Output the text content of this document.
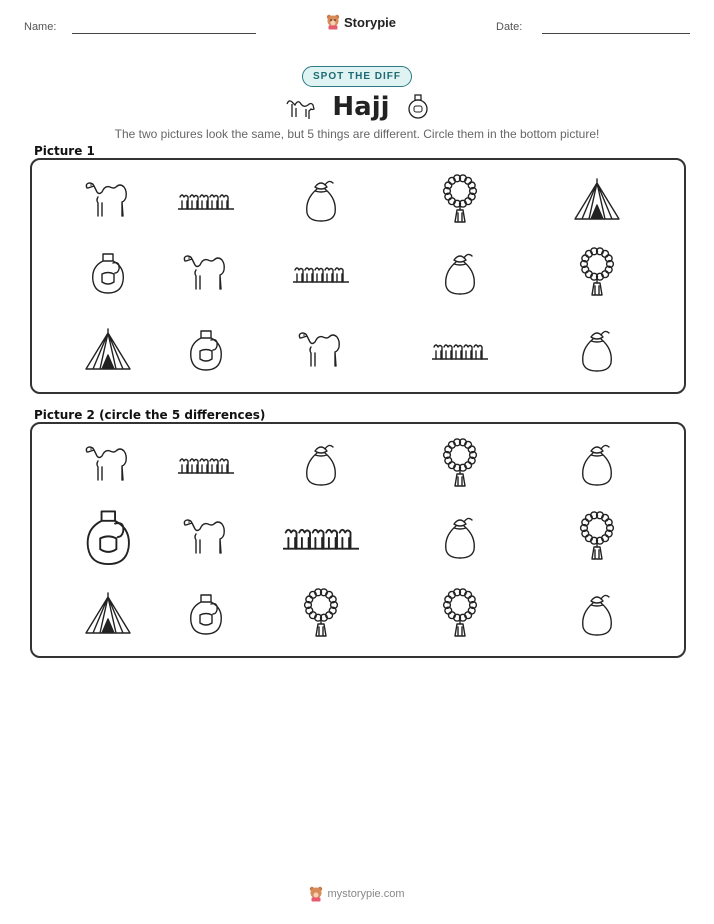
Name:	Storypie	Date:
SPOT THE DIFF
Hajj
The two pictures look the same, but 5 things are different. Circle them in the bottom picture!
Picture 1
Picture 2 (circle the 5 differences)
mystorypie.com
